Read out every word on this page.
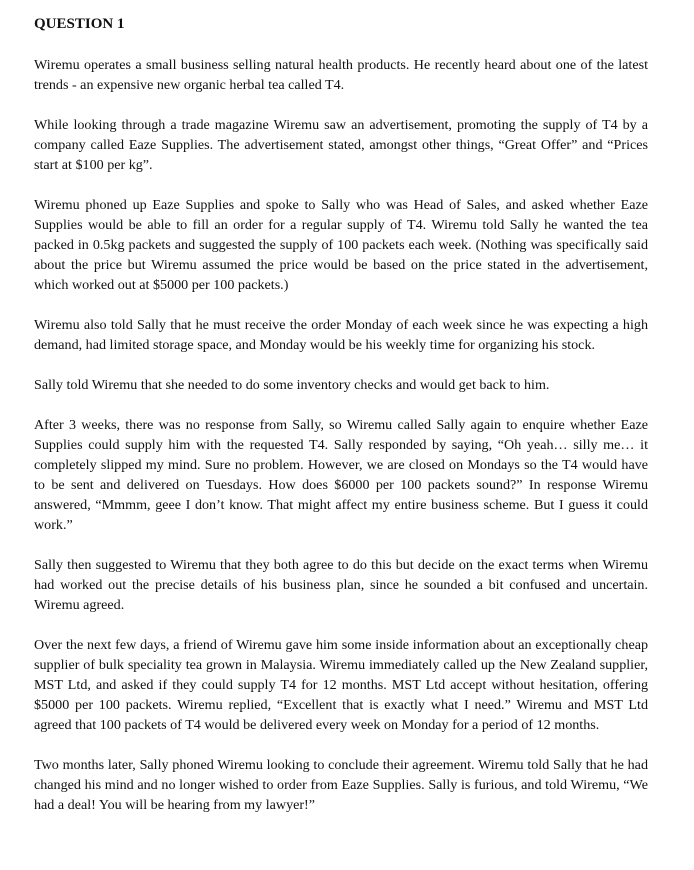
QUESTION 1

Wiremu operates a small business selling natural health products. He recently heard about one of the latest trends - an expensive new organic herbal tea called T4.

While looking through a trade magazine Wiremu saw an advertisement, promoting the supply of T4 by a company called Eaze Supplies. The advertisement stated, amongst other things, “Great Offer” and “Prices start at $100 per kg”.

Wiremu phoned up Eaze Supplies and spoke to Sally who was Head of Sales, and asked whether Eaze Supplies would be able to fill an order for a regular supply of T4. Wiremu told Sally he wanted the tea packed in 0.5kg packets and suggested the supply of 100 packets each week. (Nothing was specifically said about the price but Wiremu assumed the price would be based on the price stated in the advertisement, which worked out at $5000 per 100 packets.)

Wiremu also told Sally that he must receive the order Monday of each week since he was expecting a high demand, had limited storage space, and Monday would be his weekly time for organizing his stock.

Sally told Wiremu that she needed to do some inventory checks and would get back to him.

After 3 weeks, there was no response from Sally, so Wiremu called Sally again to enquire whether Eaze Supplies could supply him with the requested T4. Sally responded by saying, “Oh yeah… silly me… it completely slipped my mind. Sure no problem. However, we are closed on Mondays so the T4 would have to be sent and delivered on Tuesdays. How does $6000 per 100 packets sound?” In response Wiremu answered, “Mmmm, geee I don’t know. That might affect my entire business scheme. But I guess it could work.”

Sally then suggested to Wiremu that they both agree to do this but decide on the exact terms when Wiremu had worked out the precise details of his business plan, since he sounded a bit confused and uncertain. Wiremu agreed.

Over the next few days, a friend of Wiremu gave him some inside information about an exceptionally cheap supplier of bulk speciality tea grown in Malaysia. Wiremu immediately called up the New Zealand supplier, MST Ltd, and asked if they could supply T4 for 12 months. MST Ltd accept without hesitation, offering $5000 per 100 packets. Wiremu replied, “Excellent that is exactly what I need.” Wiremu and MST Ltd agreed that 100 packets of T4 would be delivered every week on Monday for a period of 12 months.

Two months later, Sally phoned Wiremu looking to conclude their agreement. Wiremu told Sally that he had changed his mind and no longer wished to order from Eaze Supplies. Sally is furious, and told Wiremu, “We had a deal! You will be hearing from my lawyer!”
